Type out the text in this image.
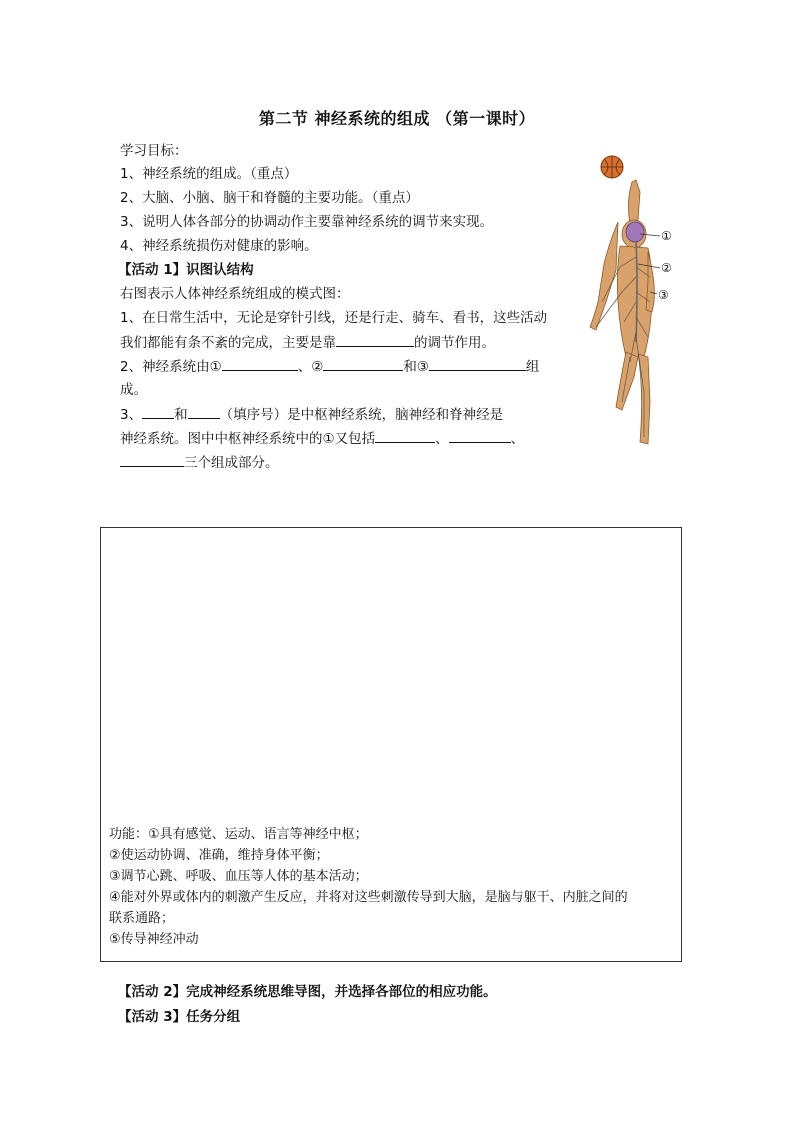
第二节 神经系统的组成 （第一课时）
学习目标：
1、神经系统的组成。（重点）
2、大脑、小脑、脑干和脊髓的主要功能。（重点）
3、说明人体各部分的协调动作主要靠神经系统的调节来实现。
4、神经系统损伤对健康的影响。
【活动 1】识图认结构
右图表示人体神经系统组成的模式图：
1、在日常生活中，无论是穿针引线，还是行走、骑车、看书，这些活动
我们都能有条不紊的完成，主要是靠	的调节作用。
2、神经系统由①	、②	和③	组
成。
3、 和 （填序号）是中枢神经系统，脑神经和脊神经是
神经系统。图中中枢神经系统中的①又包括	、	、
三个组成部分。
①
②
③
功能：①具有感觉、运动、语言等神经中枢；
②使运动协调、准确，维持身体平衡；
③调节心跳、呼吸、血压等人体的基本活动；
④能对外界或体内的刺激产生反应，并将对这些刺激传导到大脑，是脑与躯干、内脏之间的
联系通路；
⑤传导神经冲动
【活动 2】完成神经系统思维导图，并选择各部位的相应功能。
【活动 3】任务分组
